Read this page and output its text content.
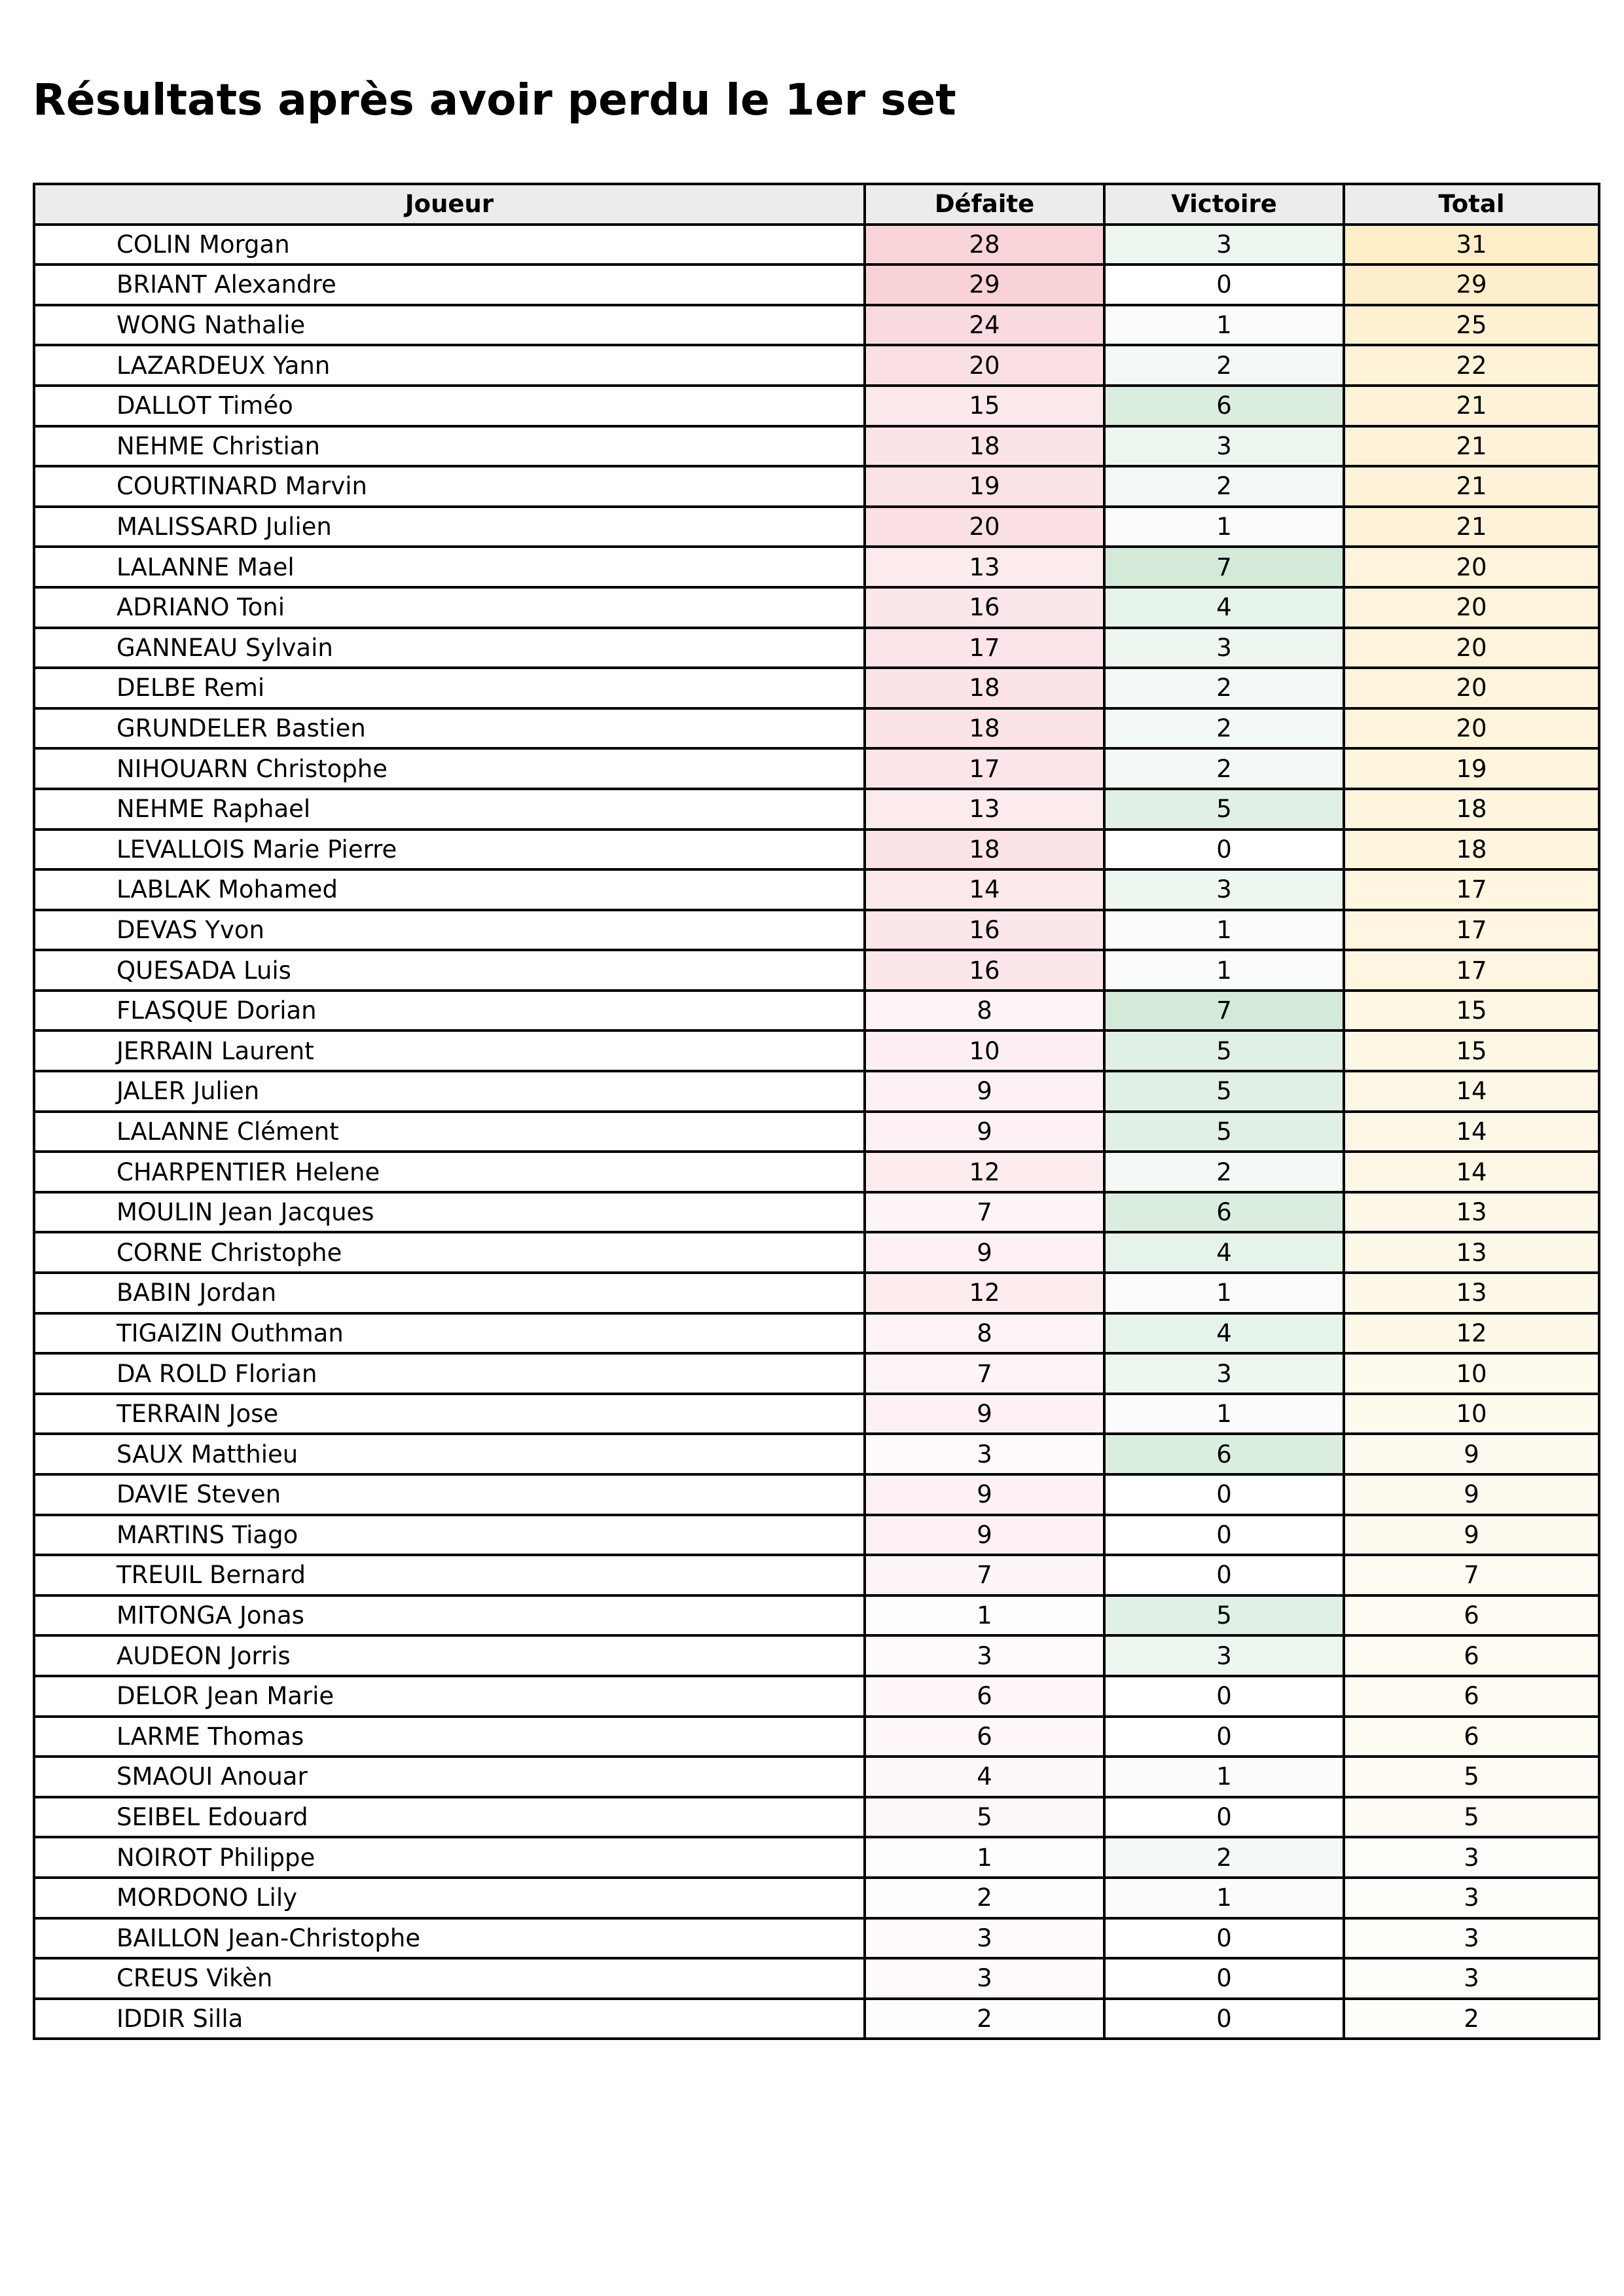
Résultats après avoir perdu le 1er set
Joueur	Défaite	Victoire	Total
COLIN Morgan	28	3	31
BRIANT Alexandre	29	0	29
WONG Nathalie	24	1	25
LAZARDEUX Yann	20	2	22
DALLOT Timéo	15	6	21
NEHME Christian	18	3	21
COURTINARD Marvin	19	2	21
MALISSARD Julien	20	1	21
LALANNE Mael	13	7	20
ADRIANO Toni	16	4	20
GANNEAU Sylvain	17	3	20
DELBE Remi	18	2	20
GRUNDELER Bastien	18	2	20
NIHOUARN Christophe	17	2	19
NEHME Raphael	13	5	18
LEVALLOIS Marie Pierre	18	0	18
LABLAK Mohamed	14	3	17
DEVAS Yvon	16	1	17
QUESADA Luis	16	1	17
FLASQUE Dorian	8	7	15
JERRAIN Laurent	10	5	15
JALER Julien	9	5	14
LALANNE Clément	9	5	14
CHARPENTIER Helene	12	2	14
MOULIN Jean Jacques	7	6	13
CORNE Christophe	9	4	13
BABIN Jordan	12	1	13
TIGAIZIN Outhman	8	4	12
DA ROLD Florian	7	3	10
TERRAIN Jose	9	1	10
SAUX Matthieu	3	6	9
DAVIE Steven	9	0	9
MARTINS Tiago	9	0	9
TREUIL Bernard	7	0	7
MITONGA Jonas	1	5	6
AUDEON Jorris	3	3	6
DELOR Jean Marie	6	0	6
LARME Thomas	6	0	6
SMAOUI Anouar	4	1	5
SEIBEL Edouard	5	0	5
NOIROT Philippe	1	2	3
MORDONO Lily	2	1	3
BAILLON Jean-Christophe	3	0	3
CREUS Vikèn	3	0	3
IDDIR Silla	2	0	2
